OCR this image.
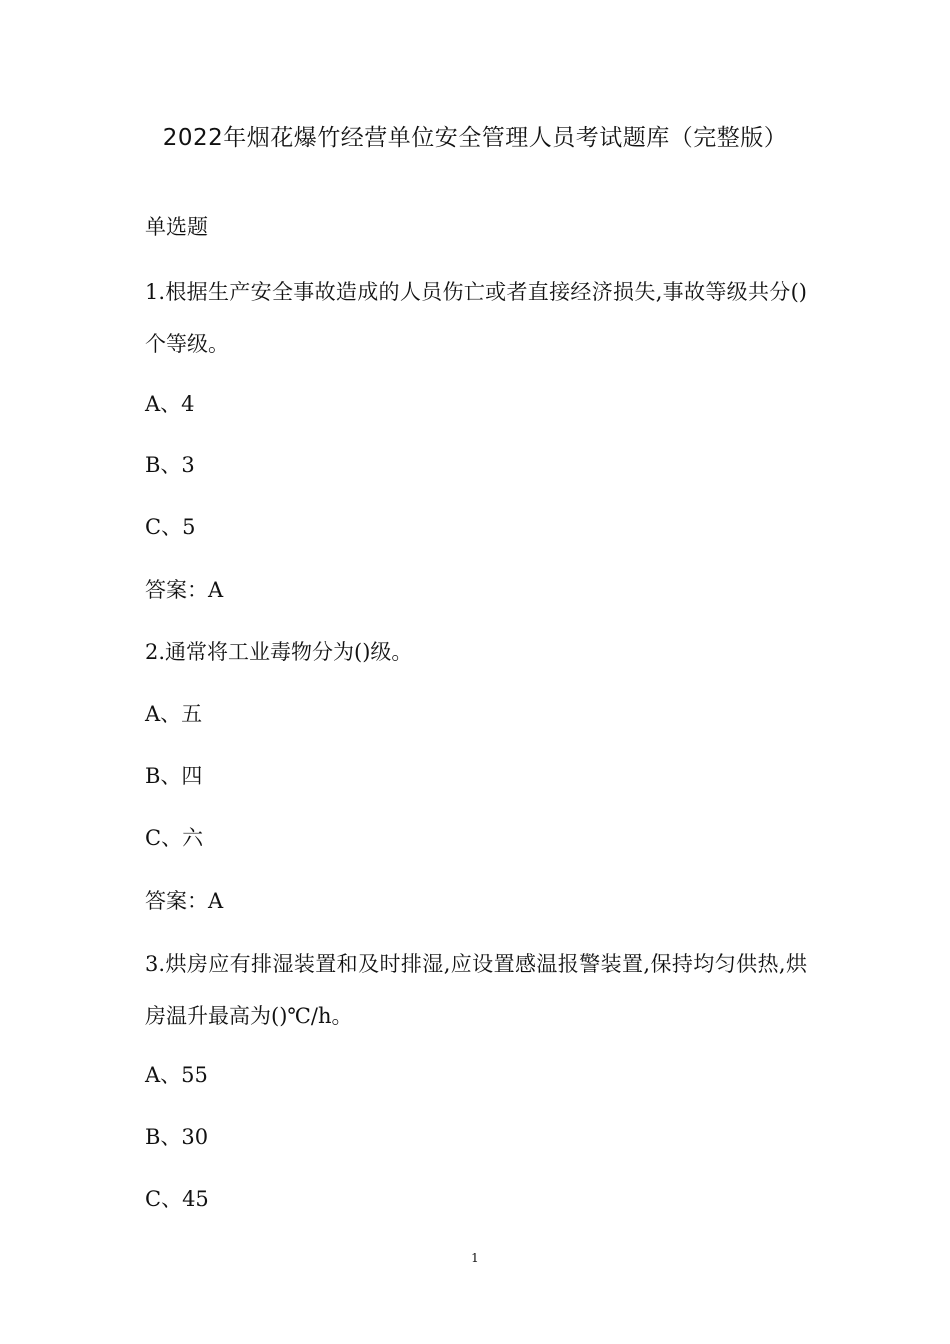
2022年烟花爆竹经营单位安全管理人员考试题库（完整版）
单选题
1.根据生产安全事故造成的人员伤亡或者直接经济损失,事故等级共分()个等级。
A、4
B、3
C、5
答案：A
2.通常将工业毒物分为()级。
A、五
B、四
C、六
答案：A
3.烘房应有排湿装置和及时排湿,应设置感温报警装置,保持均匀供热,烘房温升最高为()℃/h。
A、55
B、30
C、45
1
